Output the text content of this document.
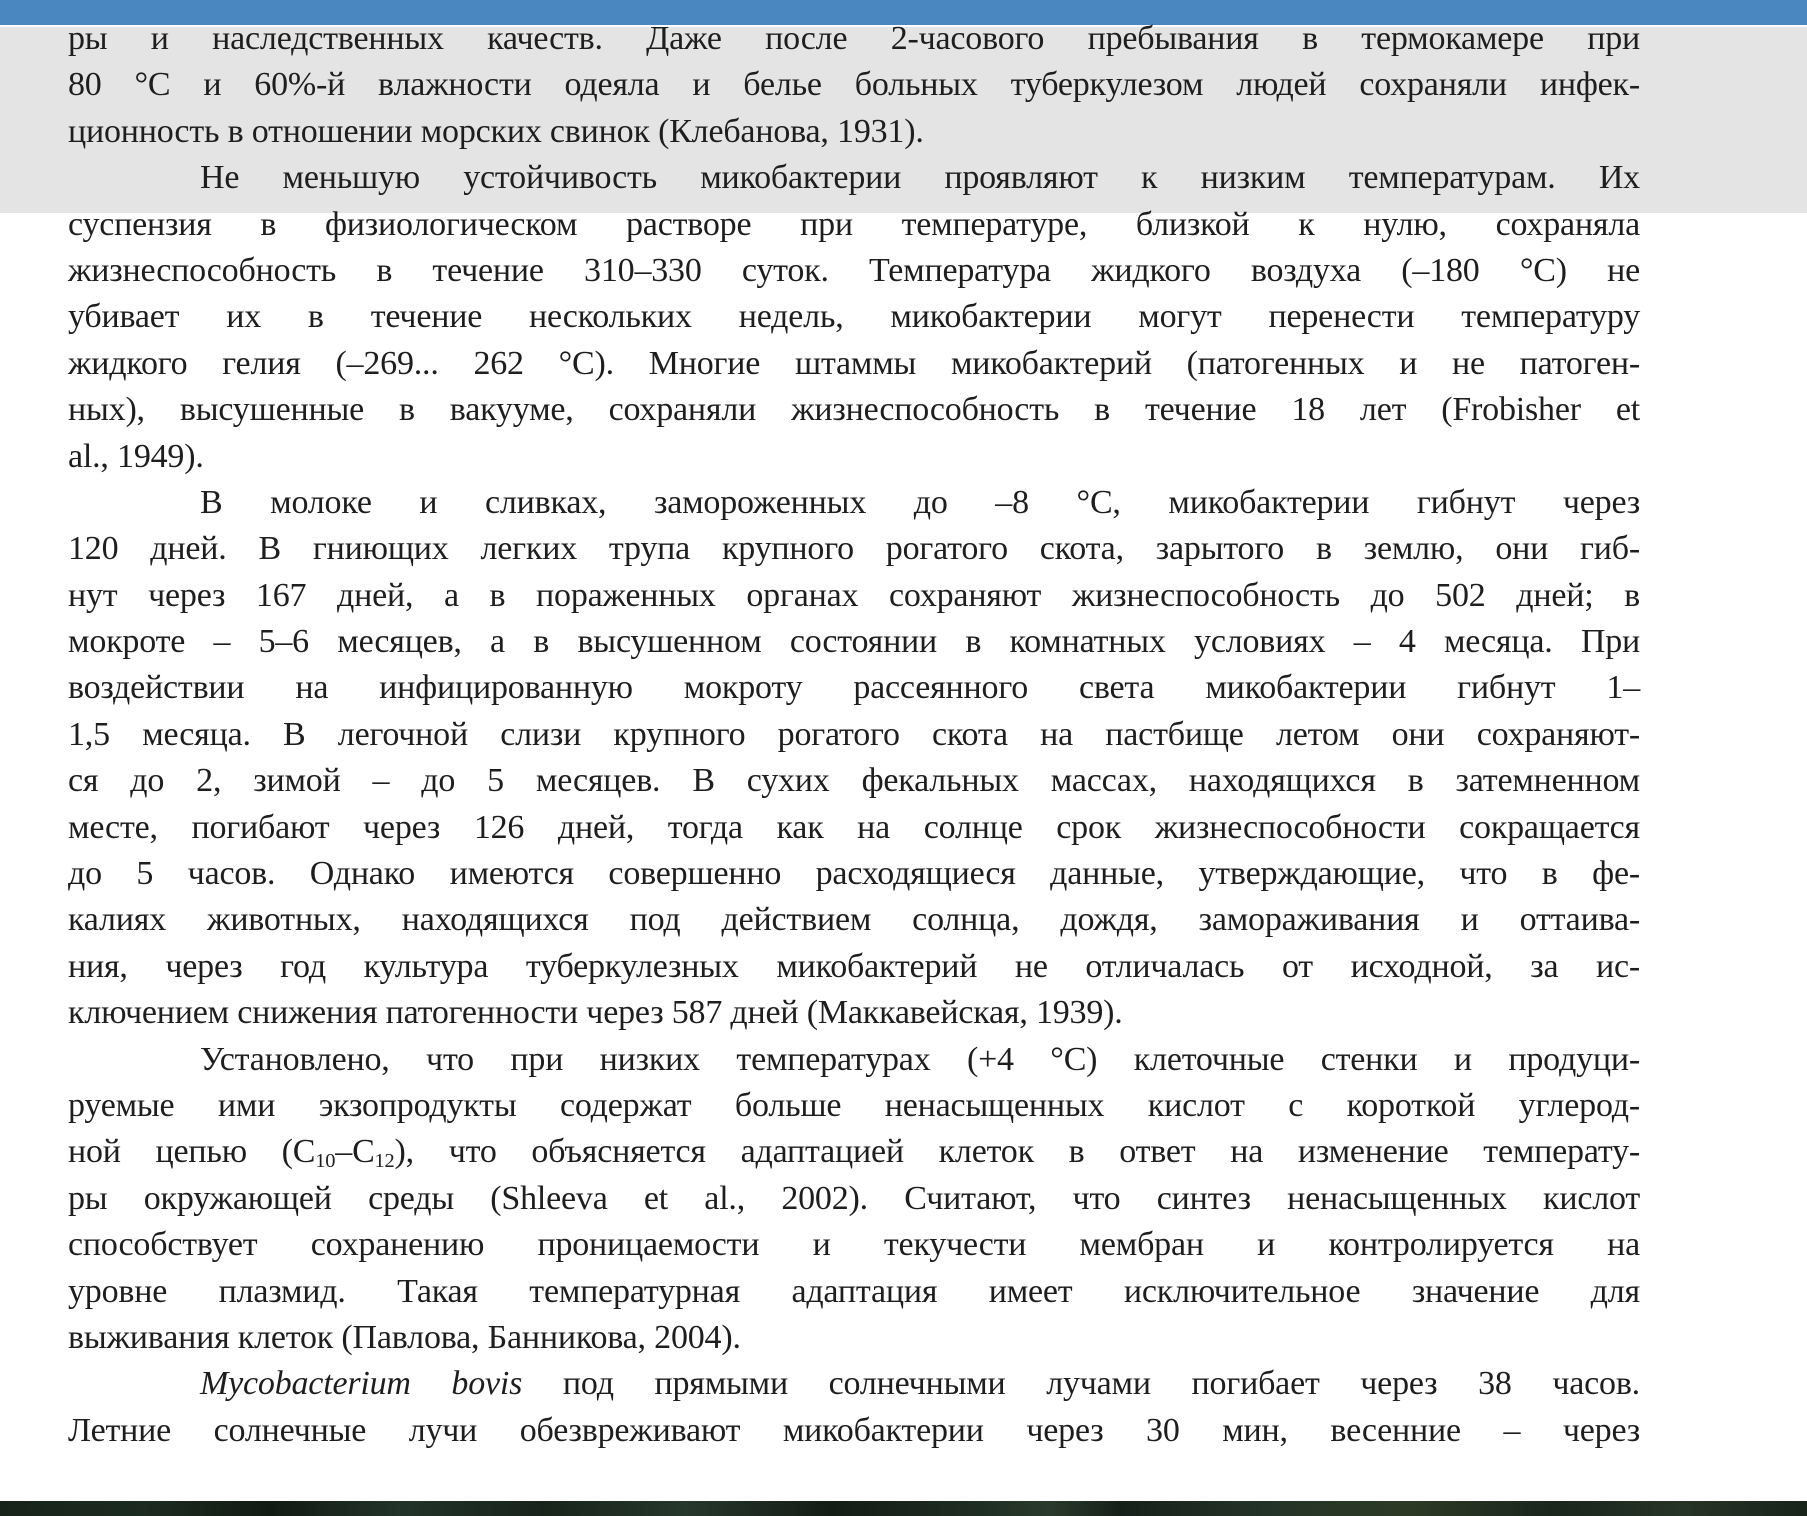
ры и наследственных качеств. Даже после 2-часового пребывания в термокамере при
80 °С и 60%-й влажности одеяла и белье больных туберкулезом людей сохраняли инфек-
ционность в отношении морских свинок (Клебанова, 1931).
Не меньшую устойчивость микобактерии проявляют к низким температурам. Их
суспензия в физиологическом растворе при температуре, близкой к нулю, сохраняла
жизнеспособность в течение 310–330 суток. Температура жидкого воздуха (–180 °С) не
убивает их в течение нескольких недель, микобактерии могут перенести температуру
жидкого гелия (–269... 262 °С). Многие штаммы микобактерий (патогенных и не патоген-
ных), высушенные в вакууме, сохраняли жизнеспособность в течение 18 лет (Frobisher et
al., 1949).
В молоке и сливках, замороженных до –8 °С, микобактерии гибнут через
120 дней. В гниющих легких трупа крупного рогатого скота, зарытого в землю, они гиб-
нут через 167 дней, а в пораженных органах сохраняют жизнеспособность до 502 дней; в
мокроте – 5–6 месяцев, а в высушенном состоянии в комнатных условиях – 4 месяца. При
воздействии на инфицированную мокроту рассеянного света микобактерии гибнут 1–
1,5 месяца. В легочной слизи крупного рогатого скота на пастбище летом они сохраняют-
ся до 2, зимой – до 5 месяцев. В сухих фекальных массах, находящихся в затемненном
месте, погибают через 126 дней, тогда как на солнце срок жизнеспособности сокращается
до 5 часов. Однако имеются совершенно расходящиеся данные, утверждающие, что в фе-
калиях животных, находящихся под действием солнца, дождя, замораживания и оттаива-
ния, через год культура туберкулезных микобактерий не отличалась от исходной, за ис-
ключением снижения патогенности через 587 дней (Маккавейская, 1939).
Установлено, что при низких температурах (+4 °С) клеточные стенки и продуци-
руемые ими экзопродукты содержат больше ненасыщенных кислот с короткой углерод-
ной цепью $(С_{10}-С_{12})$, что объясняется адаптацией клеток в ответ на изменение температу-
ры окружающей среды (Shleeva et al., 2002). Считают, что синтез ненасыщенных кислот
способствует сохранению проницаемости и текучести мембран и контролируется на
уровне плазмид. Такая температурная адаптация имеет исключительное значение для
выживания клеток (Павлова, Банникова, 2004).
Mycobacterium bovis под прямыми солнечными лучами погибает через 38 часов.
Летние солнечные лучи обезвреживают микобактерии через 30 мин, весенние – через
